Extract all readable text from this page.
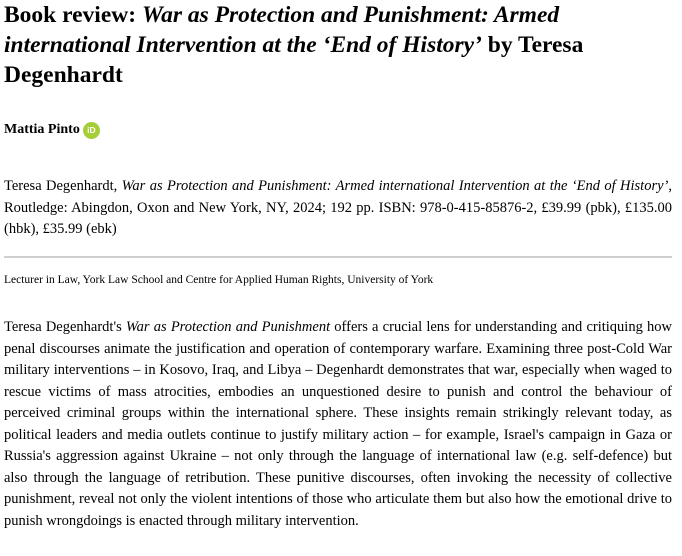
Book review: War as Protection and Punishment: Armed international Intervention at the ‘End of History’ by Teresa Degenhardt
Mattia Pinto iD
Teresa Degenhardt, War as Protection and Punishment: Armed international Intervention at the ‘End of History’, Routledge: Abingdon, Oxon and New York, NY, 2024; 192 pp. ISBN: 978-0-415-85876-2, £39.99 (pbk), £135.00 (hbk), £35.99 (ebk)
Lecturer in Law, York Law School and Centre for Applied Human Rights, University of York
Teresa Degenhardt's War as Protection and Punishment offers a crucial lens for understanding and critiquing how penal discourses animate the justification and operation of contemporary warfare. Examining three post-Cold War military interventions – in Kosovo, Iraq, and Libya – Degenhardt demonstrates that war, especially when waged to rescue victims of mass atrocities, embodies an unquestioned desire to punish and control the behaviour of perceived criminal groups within the international sphere. These insights remain strikingly relevant today, as political leaders and media outlets continue to justify military action – for example, Israel's campaign in Gaza or Russia's aggression against Ukraine – not only through the language of international law (e.g. self-defence) but also through the language of retribution. These punitive discourses, often invoking the necessity of collective punishment, reveal not only the violent intentions of those who articulate them but also how the emotional drive to punish wrongdoings is enacted through military intervention.
